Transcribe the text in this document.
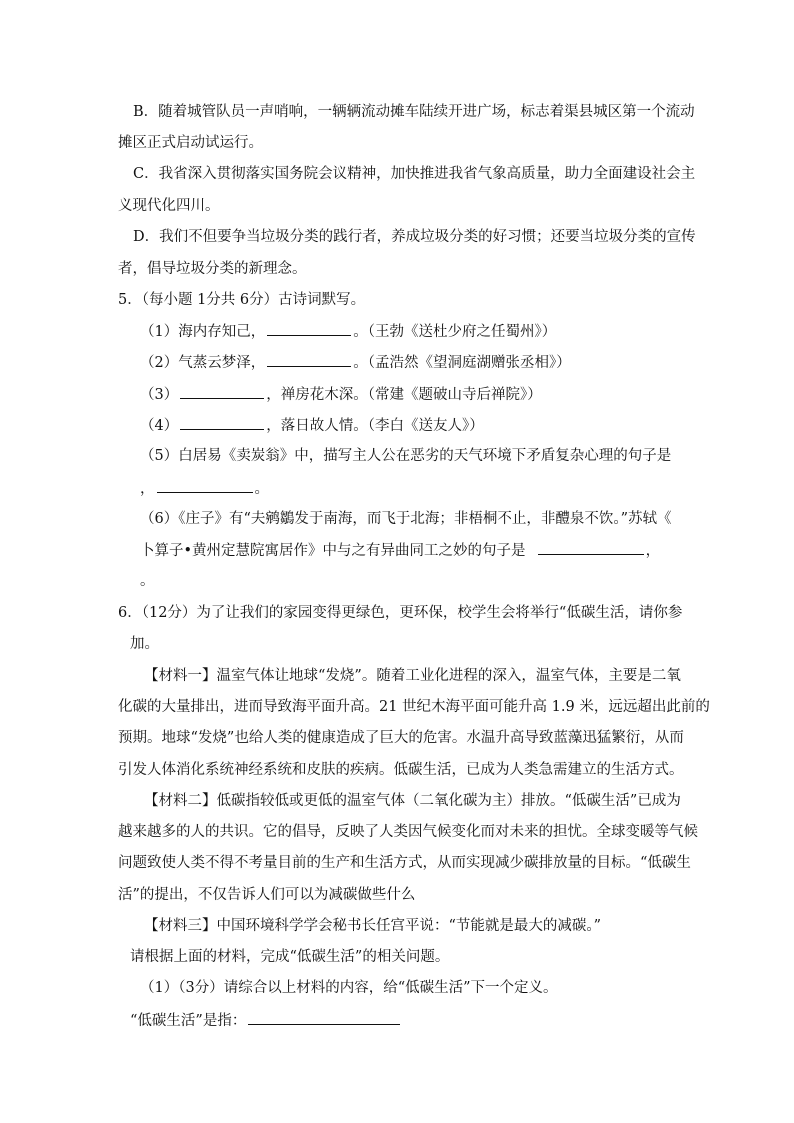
B．随着城管队员一声哨响，一辆辆流动摊车陆续开进广场，标志着渠县城区第一个流动
摊区正式启动试运行。
C．我省深入贯彻落实国务院会议精神，加快推进我省气象高质量，助力全面建设社会主
义现代化四川。
D．我们不但要争当垃圾分类的践行者，养成垃圾分类的好习惯；还要当垃圾分类的宣传
者，倡导垃圾分类的新理念。
5．（每小题 1分共 6分）古诗词默写。
（1）海内存知己，	。（王勃《送杜少府之任蜀州》）
（2）气蒸云梦泽，	。（孟浩然《望洞庭湖赠张丞相》）
（3）	，禅房花木深。（常建《题破山寺后禅院》）
（4）	，落日故人情。（李白《送友人》）
（5）白居易《卖炭翁》中，描写主人公在恶劣的天气环境下矛盾复杂心理的句子是
，	。
（6）《庄子》有“夫鹓鶵发于南海，而飞于北海；非梧桐不止，非醴泉不饮。”苏轼《
卜算子•黄州定慧院寓居作》中与之有异曲同工之妙的句子是	，
。
6．（12分）为了让我们的家园变得更绿色，更环保，校学生会将举行“低碳生活，请你参
加。
【材料一】温室气体让地球“发烧”。随着工业化进程的深入，温室气体，主要是二氧
化碳的大量排出，进而导致海平面升高。21 世纪木海平面可能升高 1.9 米，远远超出此前的
预期。地球“发烧”也给人类的健康造成了巨大的危害。水温升高导致蓝藻迅猛繁衍，从而
引发人体消化系统神经系统和皮肤的疾病。低碳生活，已成为人类急需建立的生活方式。
【材料二】低碳指较低或更低的温室气体（二氧化碳为主）排放。“低碳生活”已成为
越来越多的人的共识。它的倡导，反映了人类因气候变化而对未来的担忧。全球变暖等气候
问题致使人类不得不考量目前的生产和生活方式，从而实现减少碳排放量的目标。“低碳生
活”的提出，不仅告诉人们可以为减碳做些什么
【材料三】中国环境科学学会秘书长任宫平说：“节能就是最大的减碳。”
请根据上面的材料，完成“低碳生活”的相关问题。
（1）（3分）请综合以上材料的内容，给“低碳生活”下一个定义。
“低碳生活”是指：
